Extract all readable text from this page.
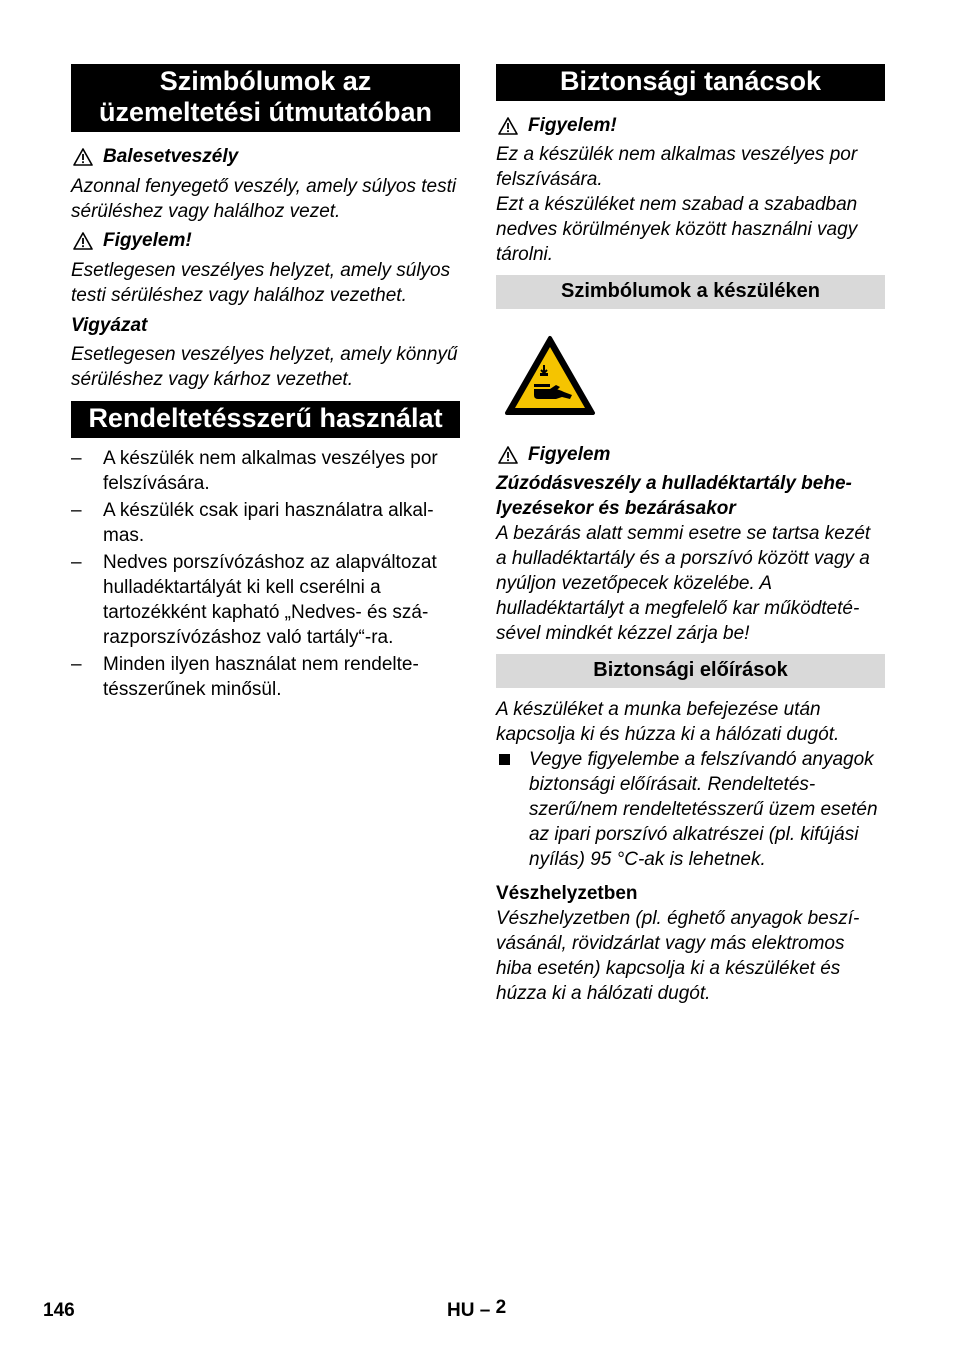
Szimbólumok az üzemeltetési útmutatóban
Balesetveszély

Azonnal fenyegető veszély, amely súlyos testi sérüléshez vagy halálhoz vezet.

Figyelem!

Esetlegesen veszélyes helyzet, amely súlyos testi sérüléshez vagy halálhoz vezethet.

Vigyázat

Esetlegesen veszélyes helyzet, amely könnyű sérüléshez vagy kárhoz vezethet.

Rendeltetésszerű használat
–	A készülék nem alkalmas veszélyes por felszívására.
–	A készülék csak ipari használatra alkalmas.
–	Nedves porszívózáshoz az alapváltozat hulladéktartályát ki kell cserélni a tartozékként kapható „Nedves- és szárazporszívózáshoz való tartály“-ra.
–	Minden ilyen használat nem rendeltetésszerűnek minősül.
Biztonsági tanácsok
Figyelem!

Ez a készülék nem alkalmas veszélyes por felszívására.

Ezt a készüléket nem szabad a szabadban nedves körülmények között használni vagy tárolni.

Szimbólumok a készüléken
Figyelem

Zúzódásveszély a hulladéktartály behelyezésekor és bezárásakor

A bezárás alatt semmi esetre se tartsa kezét a hulladéktartály és a porszívó között vagy a nyúljon vezetőpecek közelébe. A hulladéktartályt a megfelelő kar működtetésével mindkét kézzel zárja be!

Biztonsági előírások

A készüléket a munka befejezése után kapcsolja ki és húzza ki a hálózati dugót.

Vegye figyelembe a felszívandó anyagok biztonsági előírásait. Rendeltetésszerű/nem rendeltetésszerű üzem esetén az ipari porszívó alkatrészei (pl. kifújási nyílás) 95 °C-ak is lehetnek.

Vészhelyzetben

Vészhelyzetben (pl. éghető anyagok beszívásánál, rövidzárlat vagy más elektromos hiba esetén) kapcsolja ki a készüléket és húzza ki a hálózati dugót.

146	HU – 2
